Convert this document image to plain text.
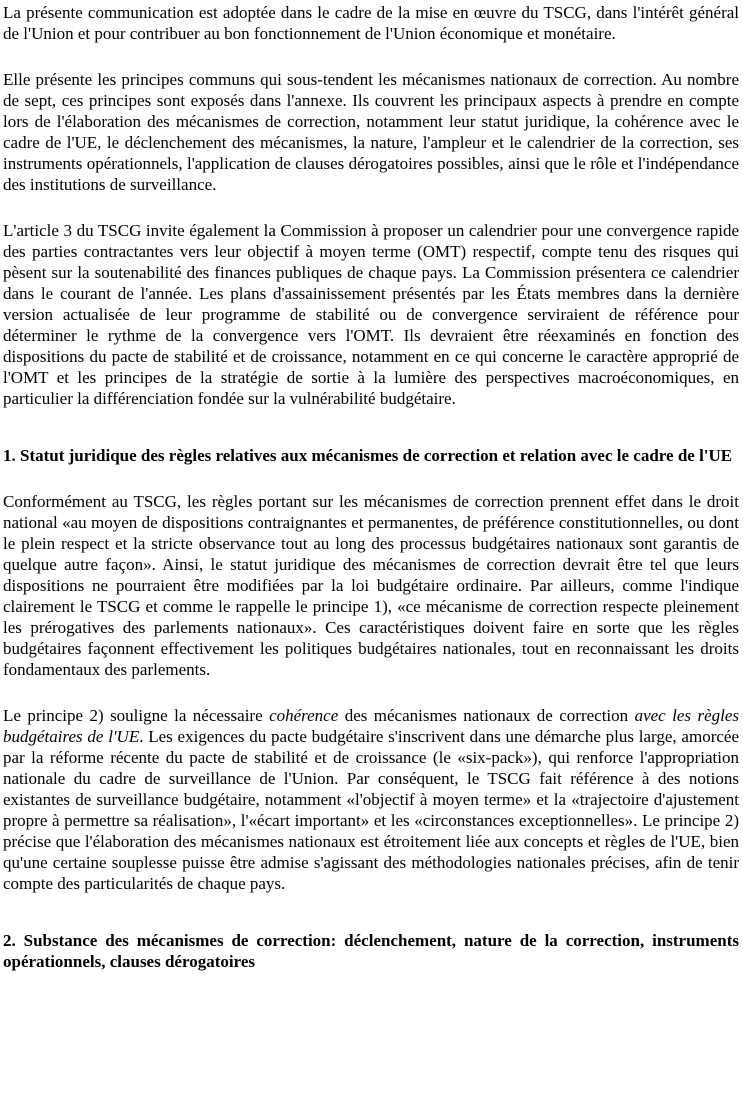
La présente communication est adoptée dans le cadre de la mise en œuvre du TSCG, dans l'intérêt général de l'Union et pour contribuer au bon fonctionnement de l'Union économique et monétaire.

Elle présente les principes communs qui sous-tendent les mécanismes nationaux de correction. Au nombre de sept, ces principes sont exposés dans l'annexe. Ils couvrent les principaux aspects à prendre en compte lors de l'élaboration des mécanismes de correction, notamment leur statut juridique, la cohérence avec le cadre de l'UE, le déclenchement des mécanismes, la nature, l'ampleur et le calendrier de la correction, ses instruments opérationnels, l'application de clauses dérogatoires possibles, ainsi que le rôle et l'indépendance des institutions de surveillance.

L'article 3 du TSCG invite également la Commission à proposer un calendrier pour une convergence rapide des parties contractantes vers leur objectif à moyen terme (OMT) respectif, compte tenu des risques qui pèsent sur la soutenabilité des finances publiques de chaque pays. La Commission présentera ce calendrier dans le courant de l'année. Les plans d'assainissement présentés par les États membres dans la dernière version actualisée de leur programme de stabilité ou de convergence serviraient de référence pour déterminer le rythme de la convergence vers l'OMT. Ils devraient être réexaminés en fonction des dispositions du pacte de stabilité et de croissance, notamment en ce qui concerne le caractère approprié de l'OMT et les principes de la stratégie de sortie à la lumière des perspectives macroéconomiques, en particulier la différenciation fondée sur la vulnérabilité budgétaire.

1. Statut juridique des règles relatives aux mécanismes de correction et relation avec le cadre de l'UE

Conformément au TSCG, les règles portant sur les mécanismes de correction prennent effet dans le droit national «au moyen de dispositions contraignantes et permanentes, de préférence constitutionnelles, ou dont le plein respect et la stricte observance tout au long des processus budgétaires nationaux sont garantis de quelque autre façon». Ainsi, le statut juridique des mécanismes de correction devrait être tel que leurs dispositions ne pourraient être modifiées par la loi budgétaire ordinaire. Par ailleurs, comme l'indique clairement le TSCG et comme le rappelle le principe 1), «ce mécanisme de correction respecte pleinement les prérogatives des parlements nationaux». Ces caractéristiques doivent faire en sorte que les règles budgétaires façonnent effectivement les politiques budgétaires nationales, tout en reconnaissant les droits fondamentaux des parlements.

Le principe 2) souligne la nécessaire cohérence des mécanismes nationaux de correction avec les règles budgétaires de l'UE. Les exigences du pacte budgétaire s'inscrivent dans une démarche plus large, amorcée par la réforme récente du pacte de stabilité et de croissance (le «six-pack»), qui renforce l'appropriation nationale du cadre de surveillance de l'Union. Par conséquent, le TSCG fait référence à des notions existantes de surveillance budgétaire, notamment «l'objectif à moyen terme» et la «trajectoire d'ajustement propre à permettre sa réalisation», l'«écart important» et les «circonstances exceptionnelles». Le principe 2) précise que l'élaboration des mécanismes nationaux est étroitement liée aux concepts et règles de l'UE, bien qu'une certaine souplesse puisse être admise s'agissant des méthodologies nationales précises, afin de tenir compte des particularités de chaque pays.

2. Substance des mécanismes de correction: déclenchement, nature de la correction, instruments opérationnels, clauses dérogatoires
